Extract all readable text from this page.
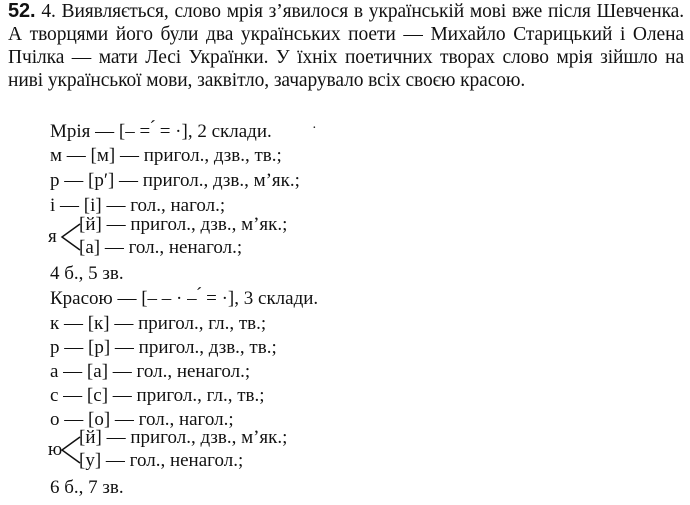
52. 4. Виявляється, слово мрія з’явилося в українській мові вже після Шевченка. А творцями його були два українських поети — Михайло Старицький і Олена Пчілка — мати Лесі Українки. У їхніх поетичних творах слово мрія зійшло на ниві української мови, заквітло, зачарувало всіх своєю красою.
Мрія — [– = ́ = ·], 2 склади.	·
м — [м] — пригол., дзв., тв.;
р — [р′] — пригол., дзв., м’як.;
і — [і] — гол., нагол.;
я
[й] — пригол., дзв., м’як.;
[а] — гол., ненагол.;
4 б., 5 зв.
Красою — [– – · – ́ = ·], 3 склади.
к — [к] — пригол., гл., тв.;
р — [р] — пригол., дзв., тв.;
а — [а] — гол., ненагол.;
с — [с] — пригол., гл., тв.;
о — [о] — гол., нагол.;
ю
[й] — пригол., дзв., м’як.;
[у] — гол., ненагол.;
6 б., 7 зв.
